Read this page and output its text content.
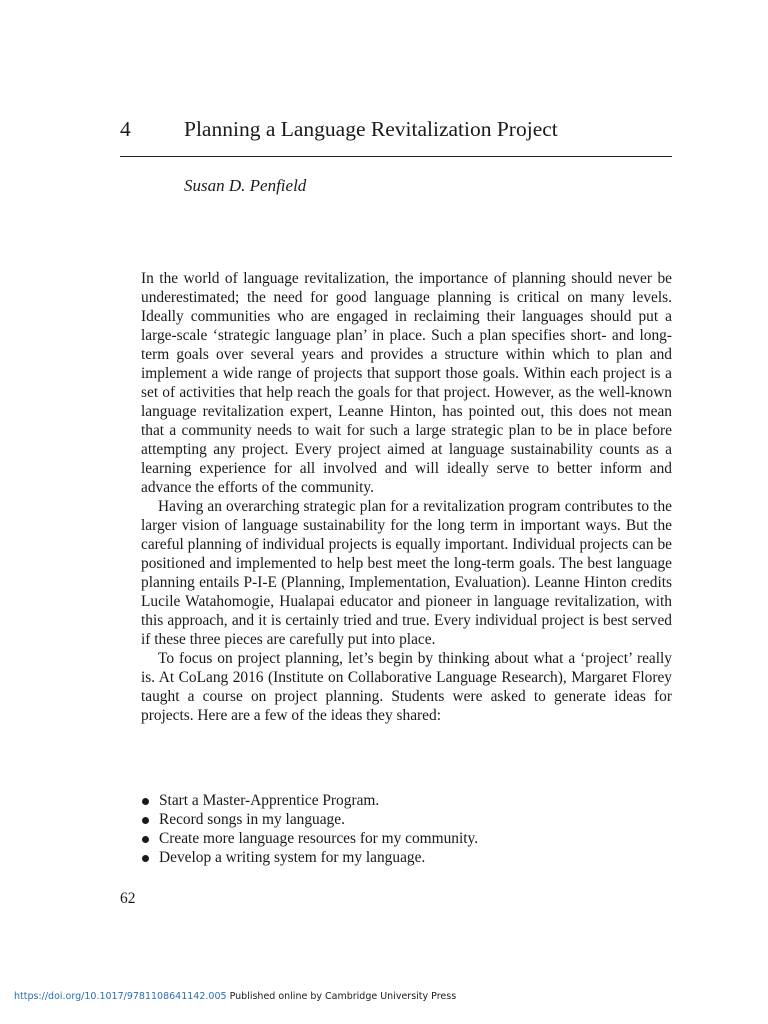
4 Planning a Language Revitalization Project
Susan D. Penfield

In the world of language revitalization, the importance of planning should never be underestimated; the need for good language planning is critical on many levels. Ideally communities who are engaged in reclaiming their languages should put a large-scale ‘strategic language plan’ in place. Such a plan specifies short- and long-term goals over several years and provides a structure within which to plan and implement a wide range of projects that support those goals. Within each project is a set of activities that help reach the goals for that project. However, as the well-known language revitalization expert, Leanne Hinton, has pointed out, this does not mean that a community needs to wait for such a large strategic plan to be in place before attempting any project. Every project aimed at language sustainability counts as a learning experience for all involved and will ideally serve to better inform and advance the efforts of the community.

Having an overarching strategic plan for a revitalization program contributes to the larger vision of language sustainability for the long term in important ways. But the careful planning of individual projects is equally important. Individual projects can be positioned and implemented to help best meet the long-term goals. The best language planning entails P-I-E (Planning, Implementation, Evaluation). Leanne Hinton credits Lucile Watahomogie, Hualapai educator and pioneer in language revitalization, with this approach, and it is certainly tried and true. Every individual project is best served if these three pieces are carefully put into place.

To focus on project planning, let’s begin by thinking about what a ‘project’ really is. At CoLang 2016 (Institute on Collaborative Language Research), Margaret Florey taught a course on project planning. Students were asked to generate ideas for projects. Here are a few of the ideas they shared:

Start a Master-Apprentice Program.
Record songs in my language.
Create more language resources for my community.
Develop a writing system for my language.
62
https://doi.org/10.1017/9781108641142.005 Published online by Cambridge University Press
